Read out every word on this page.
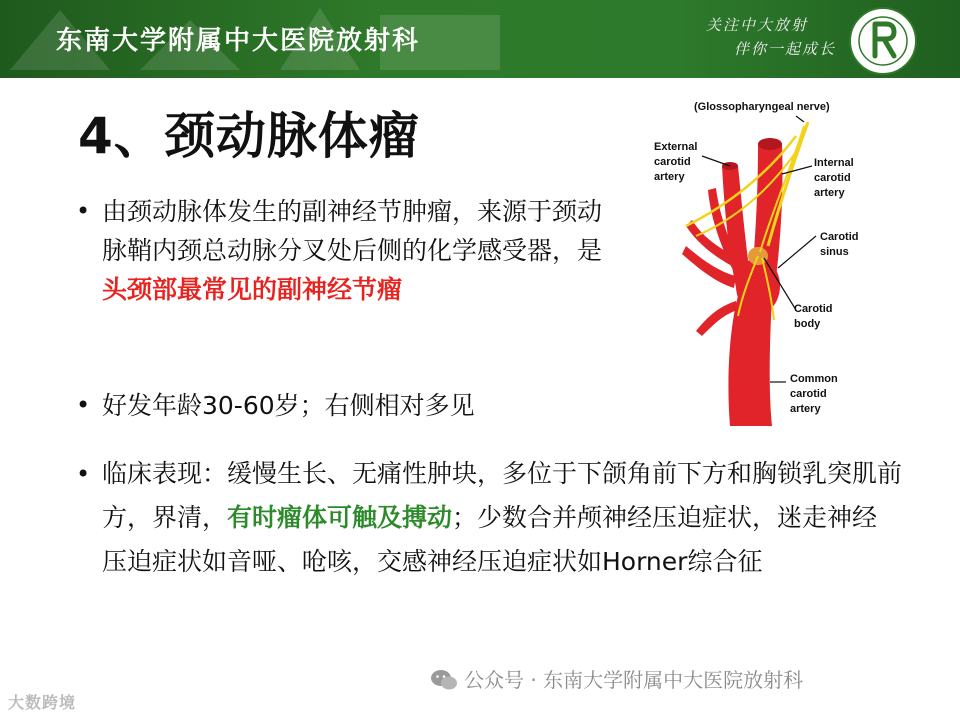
东南大学附属中大医院放射科
关注中大放射
伴你一起成长
4、颈动脉体瘤
• 由颈动脉体发生的副神经节肿瘤，来源于颈动脉鞘内颈总动脉分叉处后侧的化学感受器，是头颈部最常见的副神经节瘤
• 好发年龄30-60岁；右侧相对多见
• 临床表现：缓慢生长、无痛性肿块，多位于下颌角前下方和胸锁乳突肌前方，界清，有时瘤体可触及搏动；少数合并颅神经压迫症状，迷走神经压迫症状如音哑、呛咳，交感神经压迫症状如Horner综合征
(Glossopharyngeal nerve)
External
carotid
artery
Internal
carotid
artery
Carotid
sinus
Carotid
body
Common
carotid
artery
公众号 · 东南大学附属中大医院放射科
大数跨境
